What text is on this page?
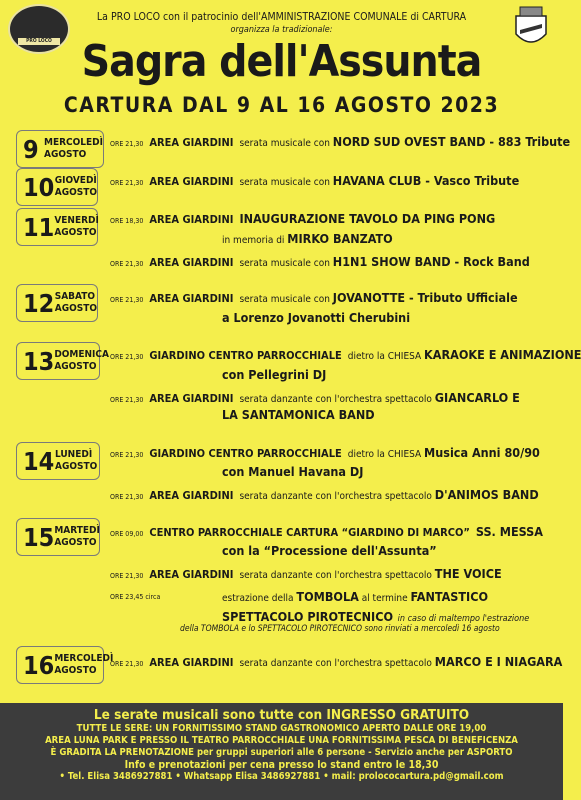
PRO LOCO
La PRO LOCO con il patrocinio dell'AMMINISTRAZIONE COMUNALE di CARTURA
organizza la tradizionale:
Sagra dell'Assunta
CARTURA DAL 9 AL 16 AGOSTO 2023
9 MERCOLEDÌ
AGOSTO
10 GIOVEDÌ
AGOSTO
11 VENERDÌ
AGOSTO
12 SABATO
AGOSTO
13 DOMENICA
AGOSTO
14 LUNEDÌ
AGOSTO
15 MARTEDÌ
AGOSTO
16 MERCOLEDÌ
AGOSTO
ORE 21,30 AREA GIARDINI serata musicale con NORD SUD OVEST BAND - 883 Tribute
ORE 21,30 AREA GIARDINI serata musicale con HAVANA CLUB - Vasco Tribute
ORE 18,30 AREA GIARDINI INAUGURAZIONE TAVOLO DA PING PONG
in memoria di MIRKO BANZATO
ORE 21,30 AREA GIARDINI serata musicale con H1N1 SHOW BAND - Rock Band
ORE 21,30 AREA GIARDINI serata musicale con JOVANOTTE - Tributo Ufficiale
a Lorenzo Jovanotti Cherubini
ORE 21,30 GIARDINO CENTRO PARROCCHIALE dietro la CHIESA KARAOKE E ANIMAZIONE
con Pellegrini DJ
ORE 21,30 AREA GIARDINI serata danzante con l'orchestra spettacolo GIANCARLO E
LA SANTAMONICA BAND
ORE 21,30 GIARDINO CENTRO PARROCCHIALE dietro la CHIESA Musica Anni 80/90
con Manuel Havana DJ
ORE 21,30 AREA GIARDINI serata danzante con l'orchestra spettacolo D'ANIMOS BAND
ORE 09,00 CENTRO PARROCCHIALE CARTURA “GIARDINO DI MARCO” SS. MESSA
con la “Processione dell'Assunta”
ORE 21,30 AREA GIARDINI serata danzante con l'orchestra spettacolo THE VOICE
ORE 23,45 circa	estrazione della TOMBOLA al termine FANTASTICO
SPETTACOLO PIROTECNICO in caso di maltempo l'estrazione
della TOMBOLA e lo SPETTACOLO PIROTECNICO sono rinviati a mercoledì 16 agosto
ORE 21,30 AREA GIARDINI serata danzante con l'orchestra spettacolo MARCO E I NIAGARA
Le serate musicali sono tutte con INGRESSO GRATUITO
TUTTE LE SERE: UN FORNITISSIMO STAND GASTRONOMICO APERTO DALLE ORE 19,00
AREA LUNA PARK E PRESSO IL TEATRO PARROCCHIALE UNA FORNITISSIMA PESCA DI BENEFICENZA
È GRADITA LA PRENOTAZIONE per gruppi superiori alle 6 persone - Servizio anche per ASPORTO
Info e prenotazioni per cena presso lo stand entro le 18,30
• Tel. Elisa 3486927881 • Whatsapp Elisa 3486927881 • mail: prolococartura.pd@gmail.com
